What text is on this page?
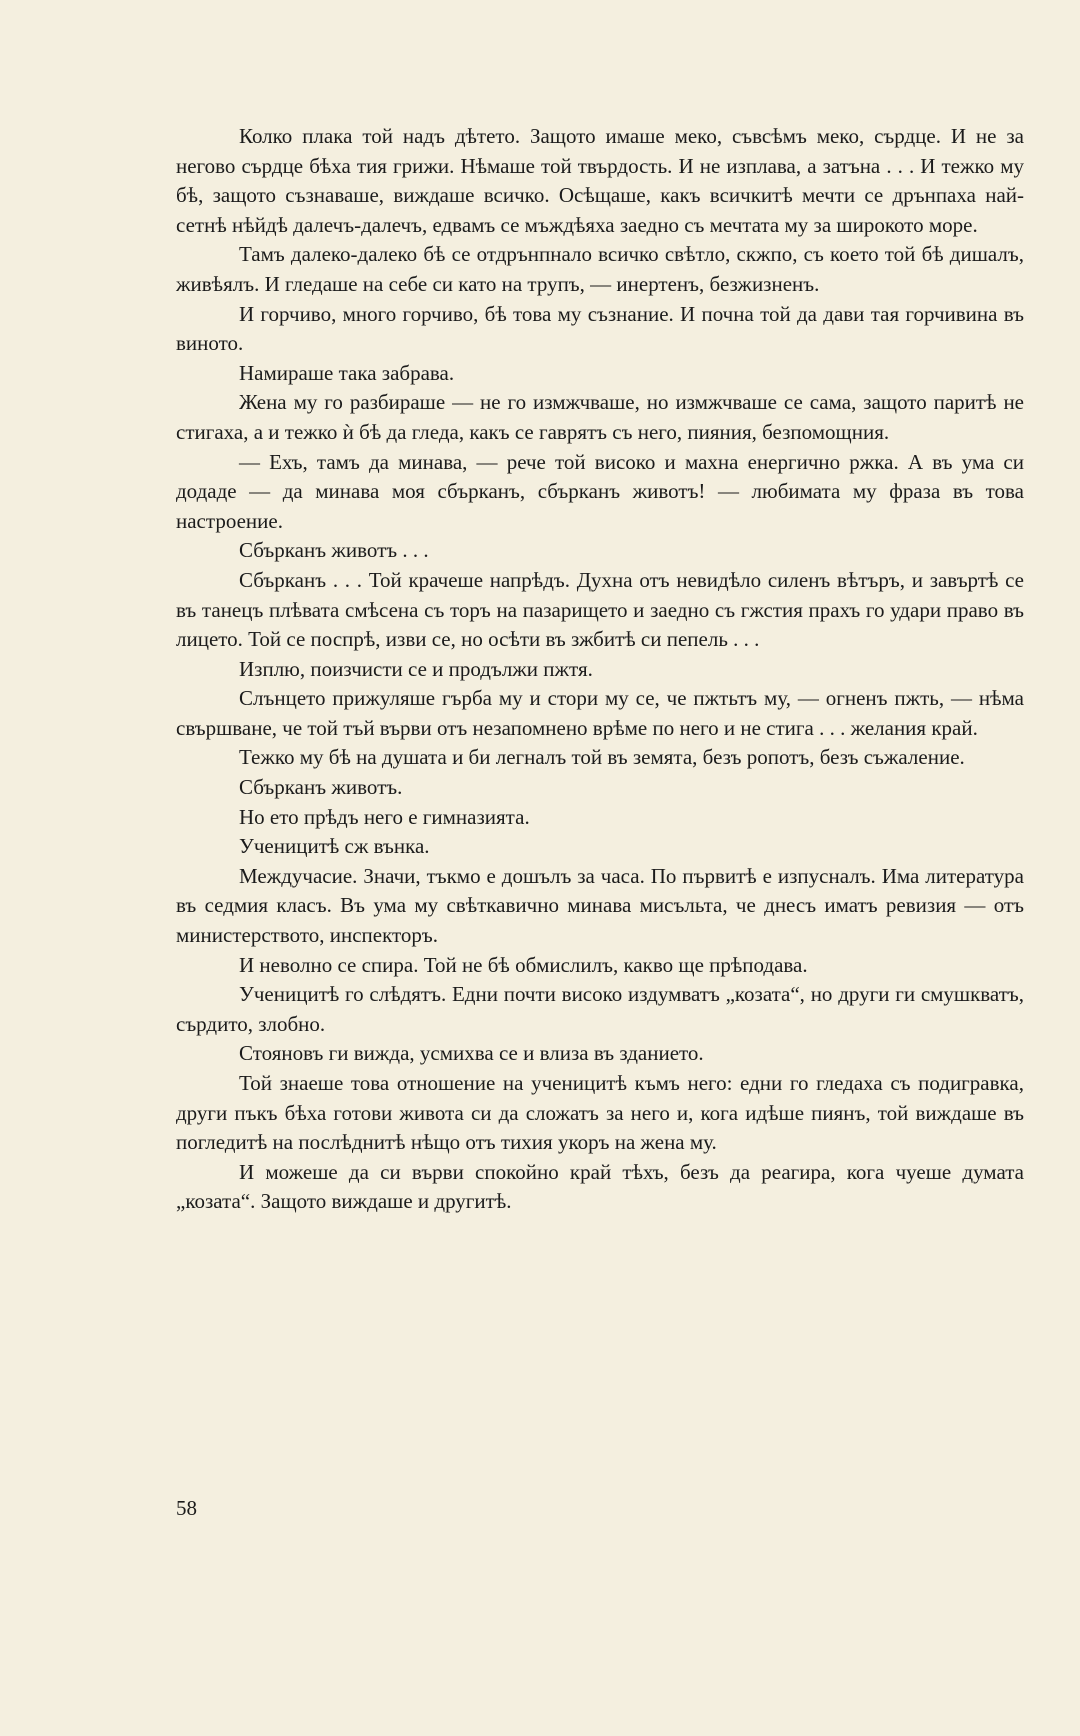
Колко плака той надъ дѣтето. Защото имаше меко, съвсѣмъ меко, сърдце. И не за негово сърдце бѣха тия грижи. Нѣмаше той твърдость. И не изплава, а затъна . . . И тежко му бѣ, защото съзнаваше, виждаше всичко. Осѣщаше, какъ всичкитѣ мечти се дрънпаха най-сетнѣ нѣйдѣ далечъ-далечъ, едвамъ се мъждѣяха заедно съ мечтата му за широкото море.

Тамъ далеко-далеко бѣ се отдрънпнало всичко свѣтло, скжпо, съ което той бѣ дишалъ, живѣялъ. И гледаше на себе си като на трупъ, — инертенъ, безжизненъ.

И горчиво, много горчиво, бѣ това му съзнание. И почна той да дави тая горчивина въ виното.

Намираше така забрава.

Жена му го разбираше — не го измжчваше, но измжчваше се сама, защото паритѣ не стигаха, а и тежко ѝ бѣ да гледа, какъ се гаврятъ съ него, пияния, безпомощния.

— Ехъ, тамъ да минава, — рече той високо и махна енергично ржка. А въ ума си додаде — да минава моя сбърканъ, сбърканъ животъ! — любимата му фраза въ това настроение.

Сбърканъ животъ . . .

Сбърканъ . . . Той крачеше напрѣдъ. Духна отъ невидѣло силенъ вѣтъръ, и завъртѣ се въ танецъ плѣвата смѣсена съ торъ на пазарището и заедно съ гжстия прахъ го удари право въ лицето. Той се поспрѣ, изви се, но осѣти въ зжбитѣ си пепель . . .

Изплю, поизчисти се и продължи пжтя.

Слънцето прижуляше гърба му и стори му се, че пжтьтъ му, — огненъ пжть, — нѣма свършване, че той тъй върви отъ незапомнено врѣме по него и не стига . . . желания край.

Тежко му бѣ на душата и би легналъ той въ земята, безъ ропотъ, безъ съжаление.

Сбърканъ животъ.

Но ето прѣдъ него е гимназията.

Ученицитѣ сж вънка.

Междучасие. Значи, тъкмо е дошълъ за часа. По първитѣ е изпусналъ. Има литература въ седмия класъ. Въ ума му свѣткавично минава мисъльта, че днесъ иматъ ревизия — отъ министерството, инспекторъ.

И неволно се спира. Той не бѣ обмислилъ, какво ще прѣподава.

Ученицитѣ го слѣдятъ. Едни почти високо издумватъ „козата“, но други ги смушкватъ, сърдито, злобно.

Стояновъ ги вижда, усмихва се и влиза въ зданието.

Той знаеше това отношение на ученицитѣ къмъ него: едни го гледаха съ подигравка, други пъкъ бѣха готови живота си да сложатъ за него и, кога идѣше пиянъ, той виждаше въ погледитѣ на послѣднитѣ нѣщо отъ тихия укоръ на жена му.

И можеше да си върви спокойно край тѣхъ, безъ да реагира, кога чуеше думата „козата“. Защото виждаше и другитѣ.

58
